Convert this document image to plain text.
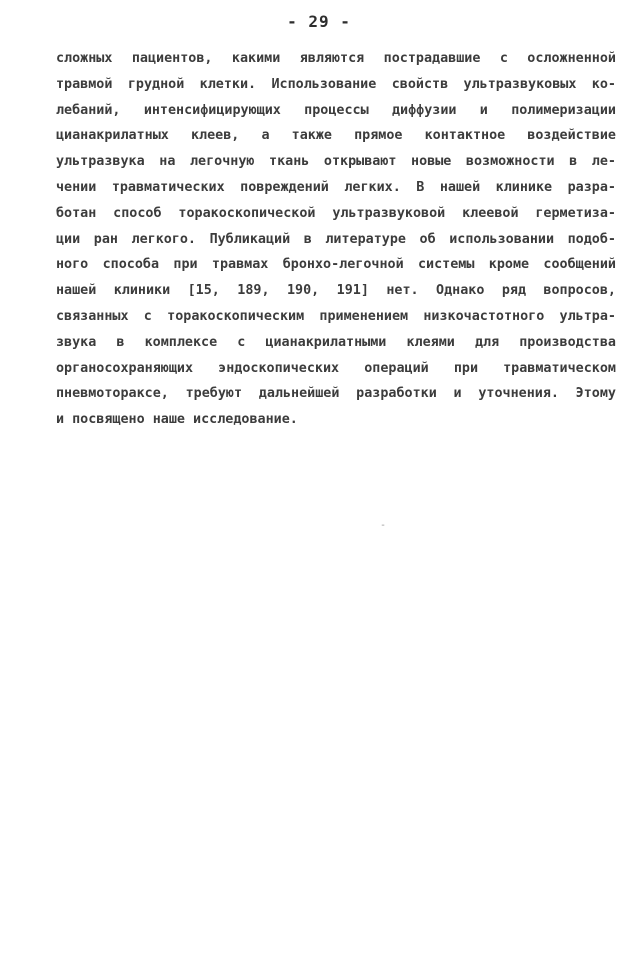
- 29 -
сложных пациентов, какими являются пострадавшие с осложненной
травмой грудной клетки. Использование свойств ультразвуковых ко-
лебаний, интенсифицирующих процессы диффузии и полимеризации
цианакрилатных клеев, а также прямое контактное воздействие
ультразвука на легочную ткань открывают новые возможности в ле-
чении травматических повреждений легких. В нашей клинике разра-
ботан способ торакоскопической ультразвуковой клеевой герметиза-
ции ран легкого. Публикаций в литературе об использовании подоб-
ного способа при травмах бронхо-легочной системы кроме сообщений
нашей клиники [15, 189, 190, 191] нет. Однако ряд вопросов,
связанных с торакоскопическим применением низкочастотного ультра-
звука в комплексе с цианакрилатными клеями для производства
органосохраняющих эндоскопических операций при травматическом
пневмотораксе, требуют дальнейшей разработки и уточнения. Этому
и посвящено наше исследование.
-
